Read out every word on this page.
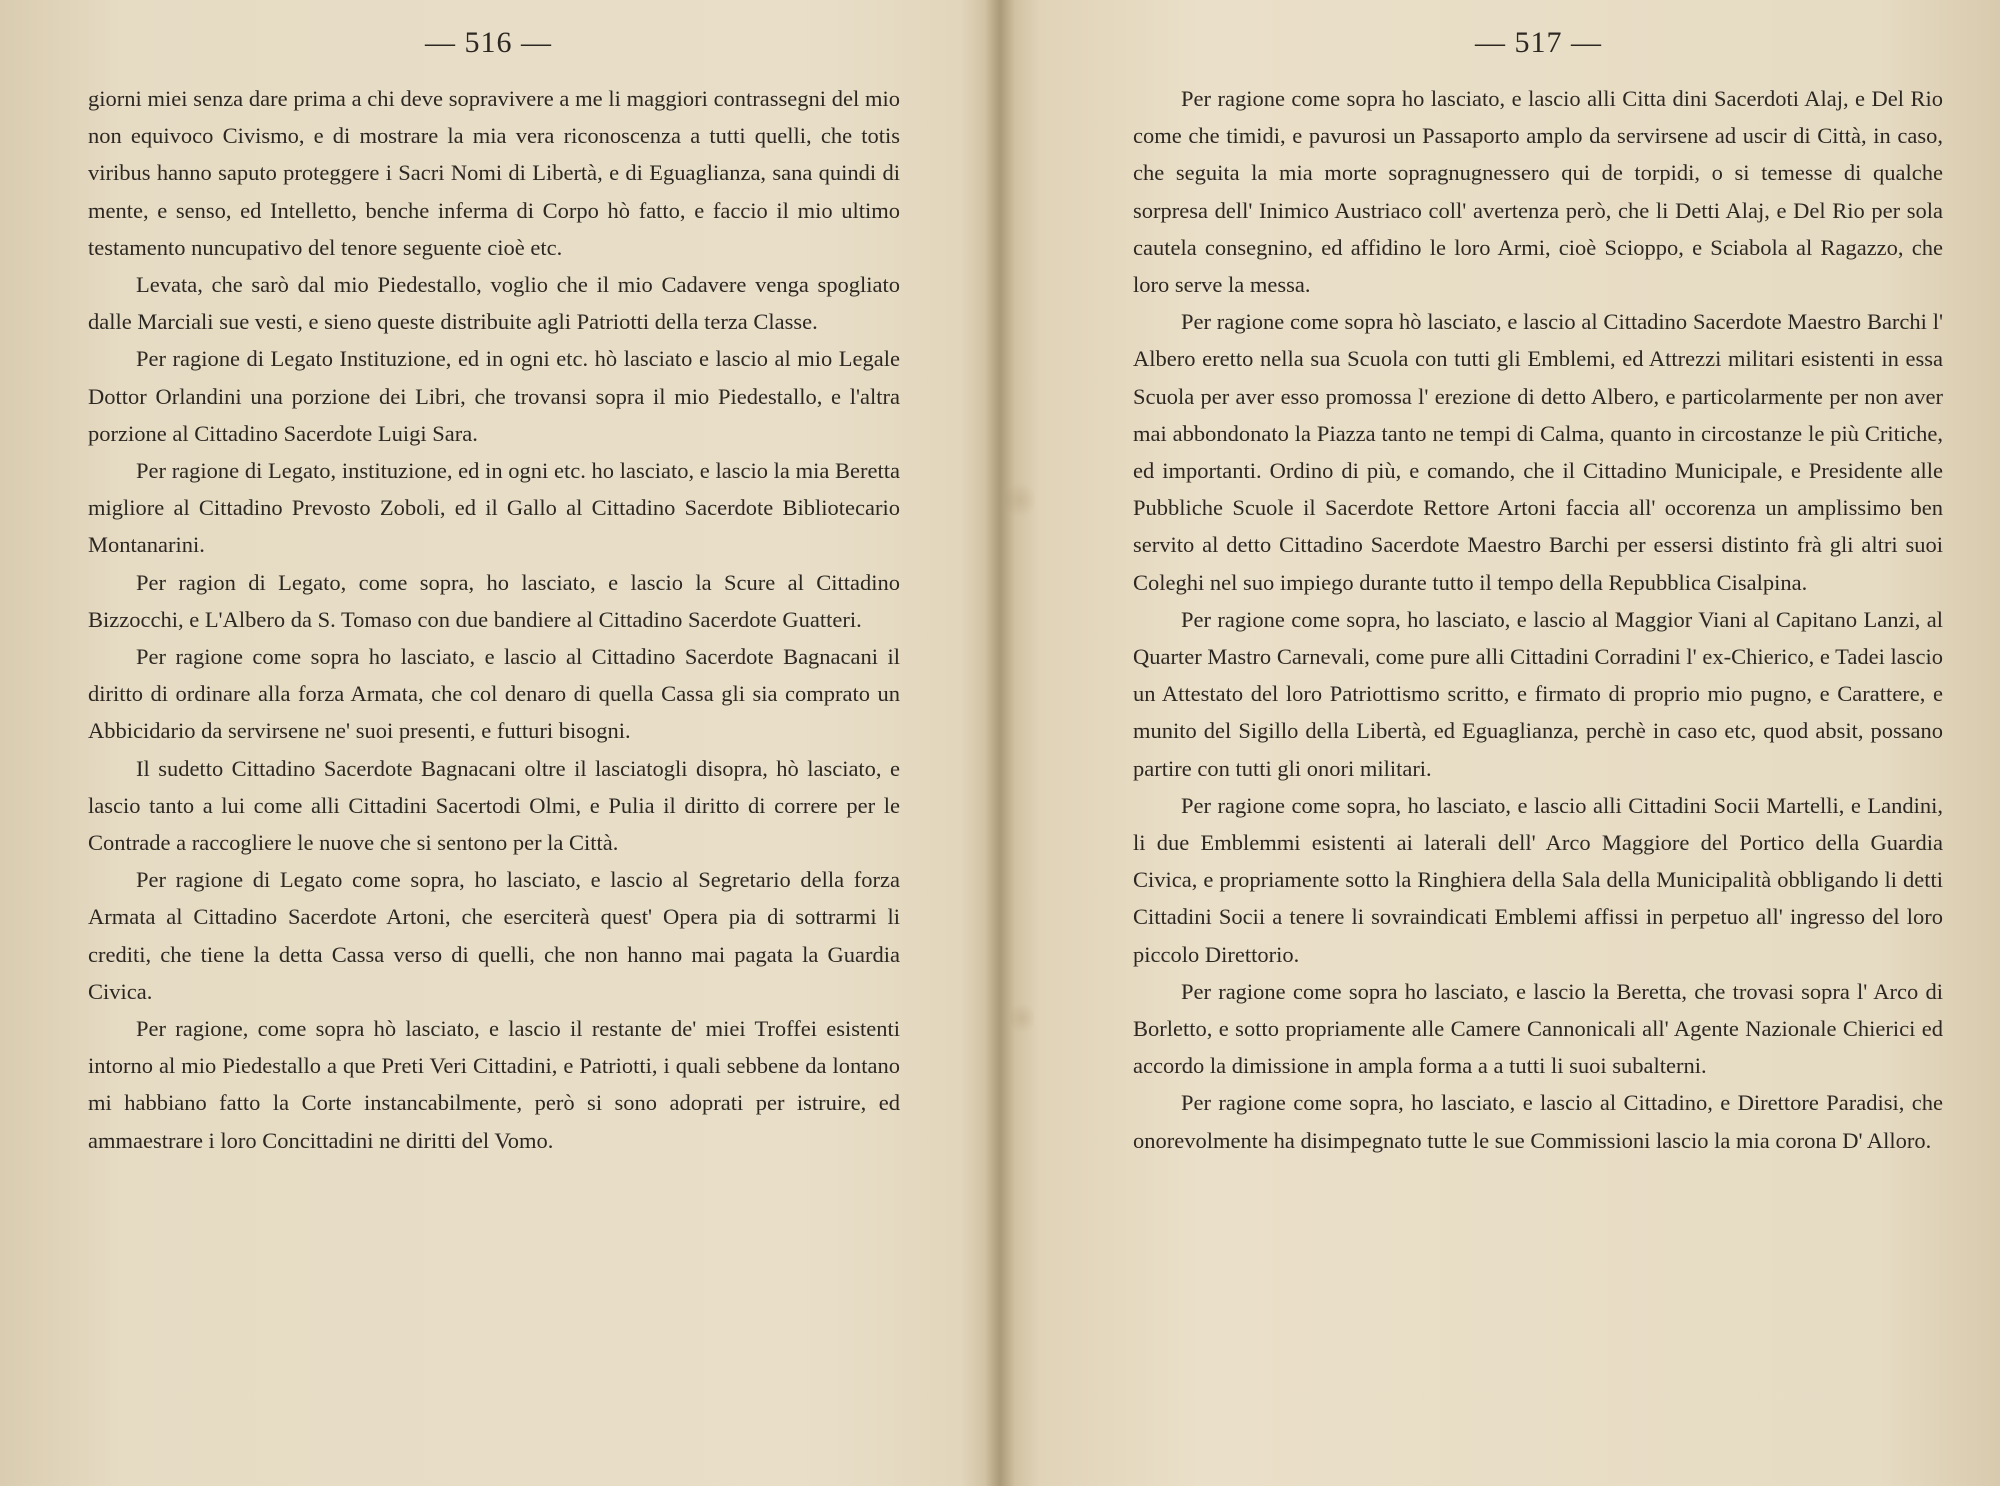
— 516 —

giorni miei senza dare prima a chi deve sopravivere a me li maggiori contrassegni del mio non equivoco Civismo, e di mostrare la mia vera riconoscenza a tutti quelli, che totis viribus hanno saputo proteggere i Sacri Nomi di Libertà, e di Eguaglianza, sana quindi di mente, e senso, ed Intelletto, benche inferma di Corpo hò fatto, e faccio il mio ultimo testamento nuncupativo del tenore seguente cioè etc.

Levata, che sarò dal mio Piedestallo, voglio che il mio Cadavere venga spogliato dalle Marciali sue vesti, e sieno queste distribuite agli Patriotti della terza Classe.

Per ragione di Legato Instituzione, ed in ogni etc. hò lasciato e lascio al mio Legale Dottor Orlandini una porzione dei Libri, che trovansi sopra il mio Piedestallo, e l'altra porzione al Cittadino Sacerdote Luigi Sara.

Per ragione di Legato, instituzione, ed in ogni etc. ho lasciato, e lascio la mia Beretta migliore al Cittadino Prevosto Zoboli, ed il Gallo al Cittadino Sacerdote Bibliotecario Montanarini.

Per ragion di Legato, come sopra, ho lasciato, e lascio la Scure al Cittadino Bizzocchi, e L'Albero da S. Tomaso con due bandiere al Cittadino Sacerdote Guatteri.

Per ragione come sopra ho lasciato, e lascio al Cittadino Sacerdote Bagnacani il diritto di ordinare alla forza Armata, che col denaro di quella Cassa gli sia comprato un Abbicidario da servirsene ne' suoi presenti, e futturi bisogni.

Il sudetto Cittadino Sacerdote Bagnacani oltre il lasciatogli disopra, hò lasciato, e lascio tanto a lui come alli Cittadini Sacertodi Olmi, e Pulia il diritto di correre per le Contrade a raccogliere le nuove che si sentono per la Città.

Per ragione di Legato come sopra, ho lasciato, e lascio al Segretario della forza Armata al Cittadino Sacerdote Artoni, che eserciterà quest' Opera pia di sottrarmi li crediti, che tiene la detta Cassa verso di quelli, che non hanno mai pagata la Guardia Civica.

Per ragione, come sopra hò lasciato, e lascio il restante de' miei Troffei esistenti intorno al mio Piedestallo a que Preti Veri Cittadini, e Patriotti, i quali sebbene da lontano mi habbiano fatto la Corte instancabilmente, però si sono adoprati per istruire, ed ammaestrare i loro Concittadini ne diritti del Vomo.

— 517 —

Per ragione come sopra ho lasciato, e lascio alli Citta dini Sacerdoti Alaj, e Del Rio come che timidi, e pavurosi un Passaporto amplo da servirsene ad uscir di Città, in caso, che seguita la mia morte sopragnugnessero qui de torpidi, o si temesse di qualche sorpresa dell' Inimico Austriaco coll' avertenza però, che li Detti Alaj, e Del Rio per sola cautela consegnino, ed affidino le loro Armi, cioè Scioppo, e Sciabola al Ragazzo, che loro serve la messa.

Per ragione come sopra hò lasciato, e lascio al Cittadino Sacerdote Maestro Barchi l' Albero eretto nella sua Scuola con tutti gli Emblemi, ed Attrezzi militari esistenti in essa Scuola per aver esso promossa l' erezione di detto Albero, e particolarmente per non aver mai abbondonato la Piazza tanto ne tempi di Calma, quanto in circostanze le più Critiche, ed importanti. Ordino di più, e comando, che il Cittadino Municipale, e Presidente alle Pubbliche Scuole il Sacerdote Rettore Artoni faccia all' occorenza un amplissimo ben servito al detto Cittadino Sacerdote Maestro Barchi per essersi distinto frà gli altri suoi Coleghi nel suo impiego durante tutto il tempo della Repubblica Cisalpina.

Per ragione come sopra, ho lasciato, e lascio al Maggior Viani al Capitano Lanzi, al Quarter Mastro Carnevali, come pure alli Cittadini Corradini l' ex-Chierico, e Tadei lascio un Attestato del loro Patriottismo scritto, e firmato di proprio mio pugno, e Carattere, e munito del Sigillo della Libertà, ed Eguaglianza, perchè in caso etc, quod absit, possano partire con tutti gli onori militari.

Per ragione come sopra, ho lasciato, e lascio alli Cittadini Socii Martelli, e Landini, li due Emblemmi esistenti ai laterali dell' Arco Maggiore del Portico della Guardia Civica, e propriamente sotto la Ringhiera della Sala della Municipalità obbligando li detti Cittadini Socii a tenere li sovraindicati Emblemi affissi in perpetuo all' ingresso del loro piccolo Direttorio.

Per ragione come sopra ho lasciato, e lascio la Beretta, che trovasi sopra l' Arco di Borletto, e sotto propriamente alle Camere Cannonicali all' Agente Nazionale Chierici ed accordo la dimissione in ampla forma a a tutti li suoi subalterni.

Per ragione come sopra, ho lasciato, e lascio al Cittadino, e Direttore Paradisi, che onorevolmente ha disimpegnato tutte le sue Commissioni lascio la mia corona D' Alloro.
